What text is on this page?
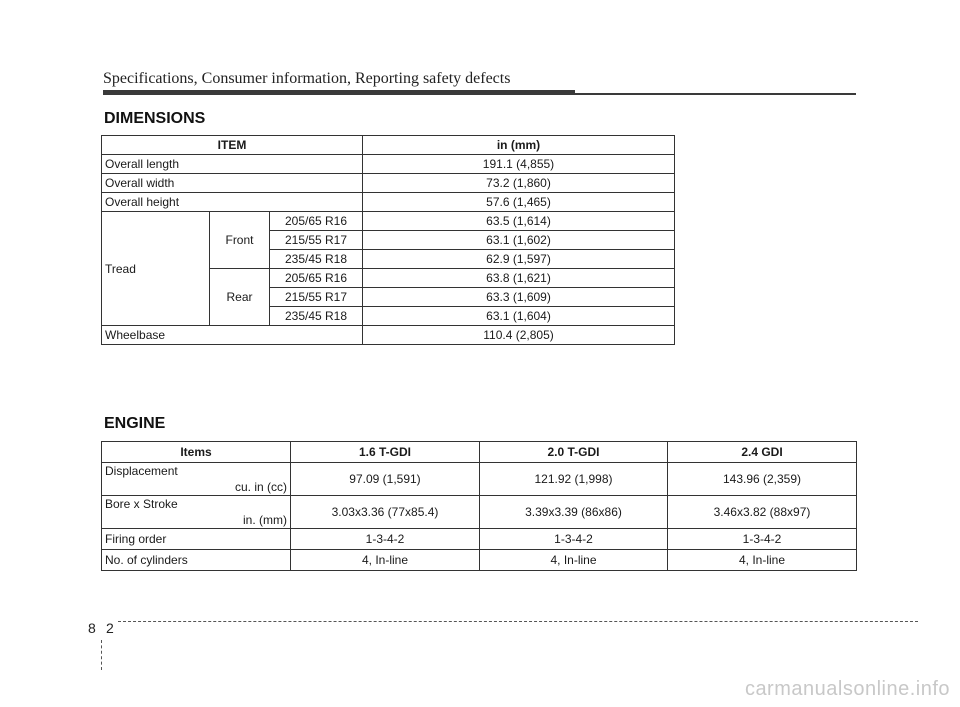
Specifications, Consumer information, Reporting safety defects
DIMENSIONS
ITEM			in (mm)
Overall length			191.1 (4,855)
Overall width			73.2 (1,860)
Overall height			57.6 (1,465)
Tread	Front	205/65 R16	63.5 (1,614)
		215/55 R17	63.1 (1,602)
		235/45 R18	62.9 (1,597)
	Rear	205/65 R16	63.8 (1,621)
		215/55 R17	63.3 (1,609)
		235/45 R18	63.1 (1,604)
Wheelbase			110.4 (2,805)
ENGINE
Items	1.6 T-GDI	2.0 T-GDI	2.4 GDI

Displacement
cu. in (cc)	97.09 (1,591)	121.92 (1,998)	143.96 (2,359)

Bore x Stroke
in. (mm)	3.03x3.36 (77x85.4)	3.39x3.39 (86x86)	3.46x3.82 (88x97)
Firing order	1-3-4-2	1-3-4-2	1-3-4-2
No. of cylinders	4, In-line	4, In-line	4, In-line
8 2
carmanualsonline.info
